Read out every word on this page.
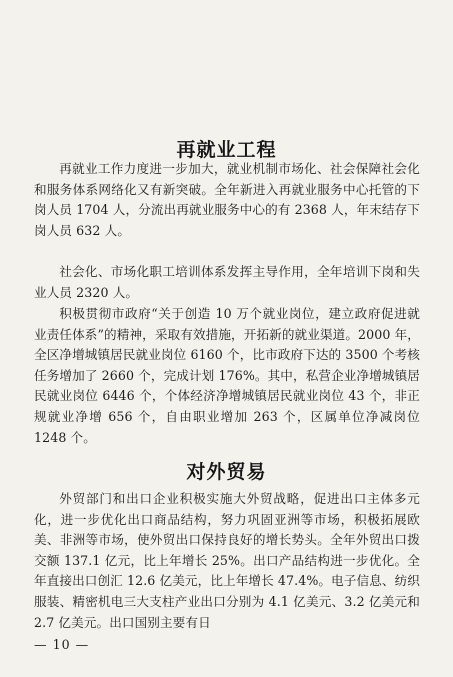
再就业工程

再就业工作力度进一步加大，就业机制市场化、社会保障社会化和服务体系网络化又有新突破。全年新进入再就业服务中心托管的下岗人员 1704 人，分流出再就业服务中心的有 2368 人，年末结存下岗人员 632 人。

社会化、市场化职工培训体系发挥主导作用，全年培训下岗和失业人员 2320 人。

积极贯彻市政府“关于创造 10 万个就业岗位，建立政府促进就业责任体系”的精神，采取有效措施，开拓新的就业渠道。2000 年，全区净增城镇居民就业岗位 6160 个，比市政府下达的 3500 个考核任务增加了 2660 个，完成计划 176%。其中，私营企业净增城镇居民就业岗位 6446 个，个体经济净增城镇居民就业岗位 43 个，非正规就业净增 656 个，自由职业增加 263 个，区属单位净减岗位 1248 个。

对外贸易

外贸部门和出口企业积极实施大外贸战略，促进出口主体多元化，进一步优化出口商品结构，努力巩固亚洲等市场，积极拓展欧美、非洲等市场，使外贸出口保持良好的增长势头。全年外贸出口拨交额 137.1 亿元，比上年增长 25%。出口产品结构进一步优化。全年直接出口创汇 12.6 亿美元，比上年增长 47.4%。电子信息、纺织服装、精密机电三大支柱产业出口分别为 4.1 亿美元、3.2 亿美元和 2.7 亿美元。出口国别主要有日

— 10 —
